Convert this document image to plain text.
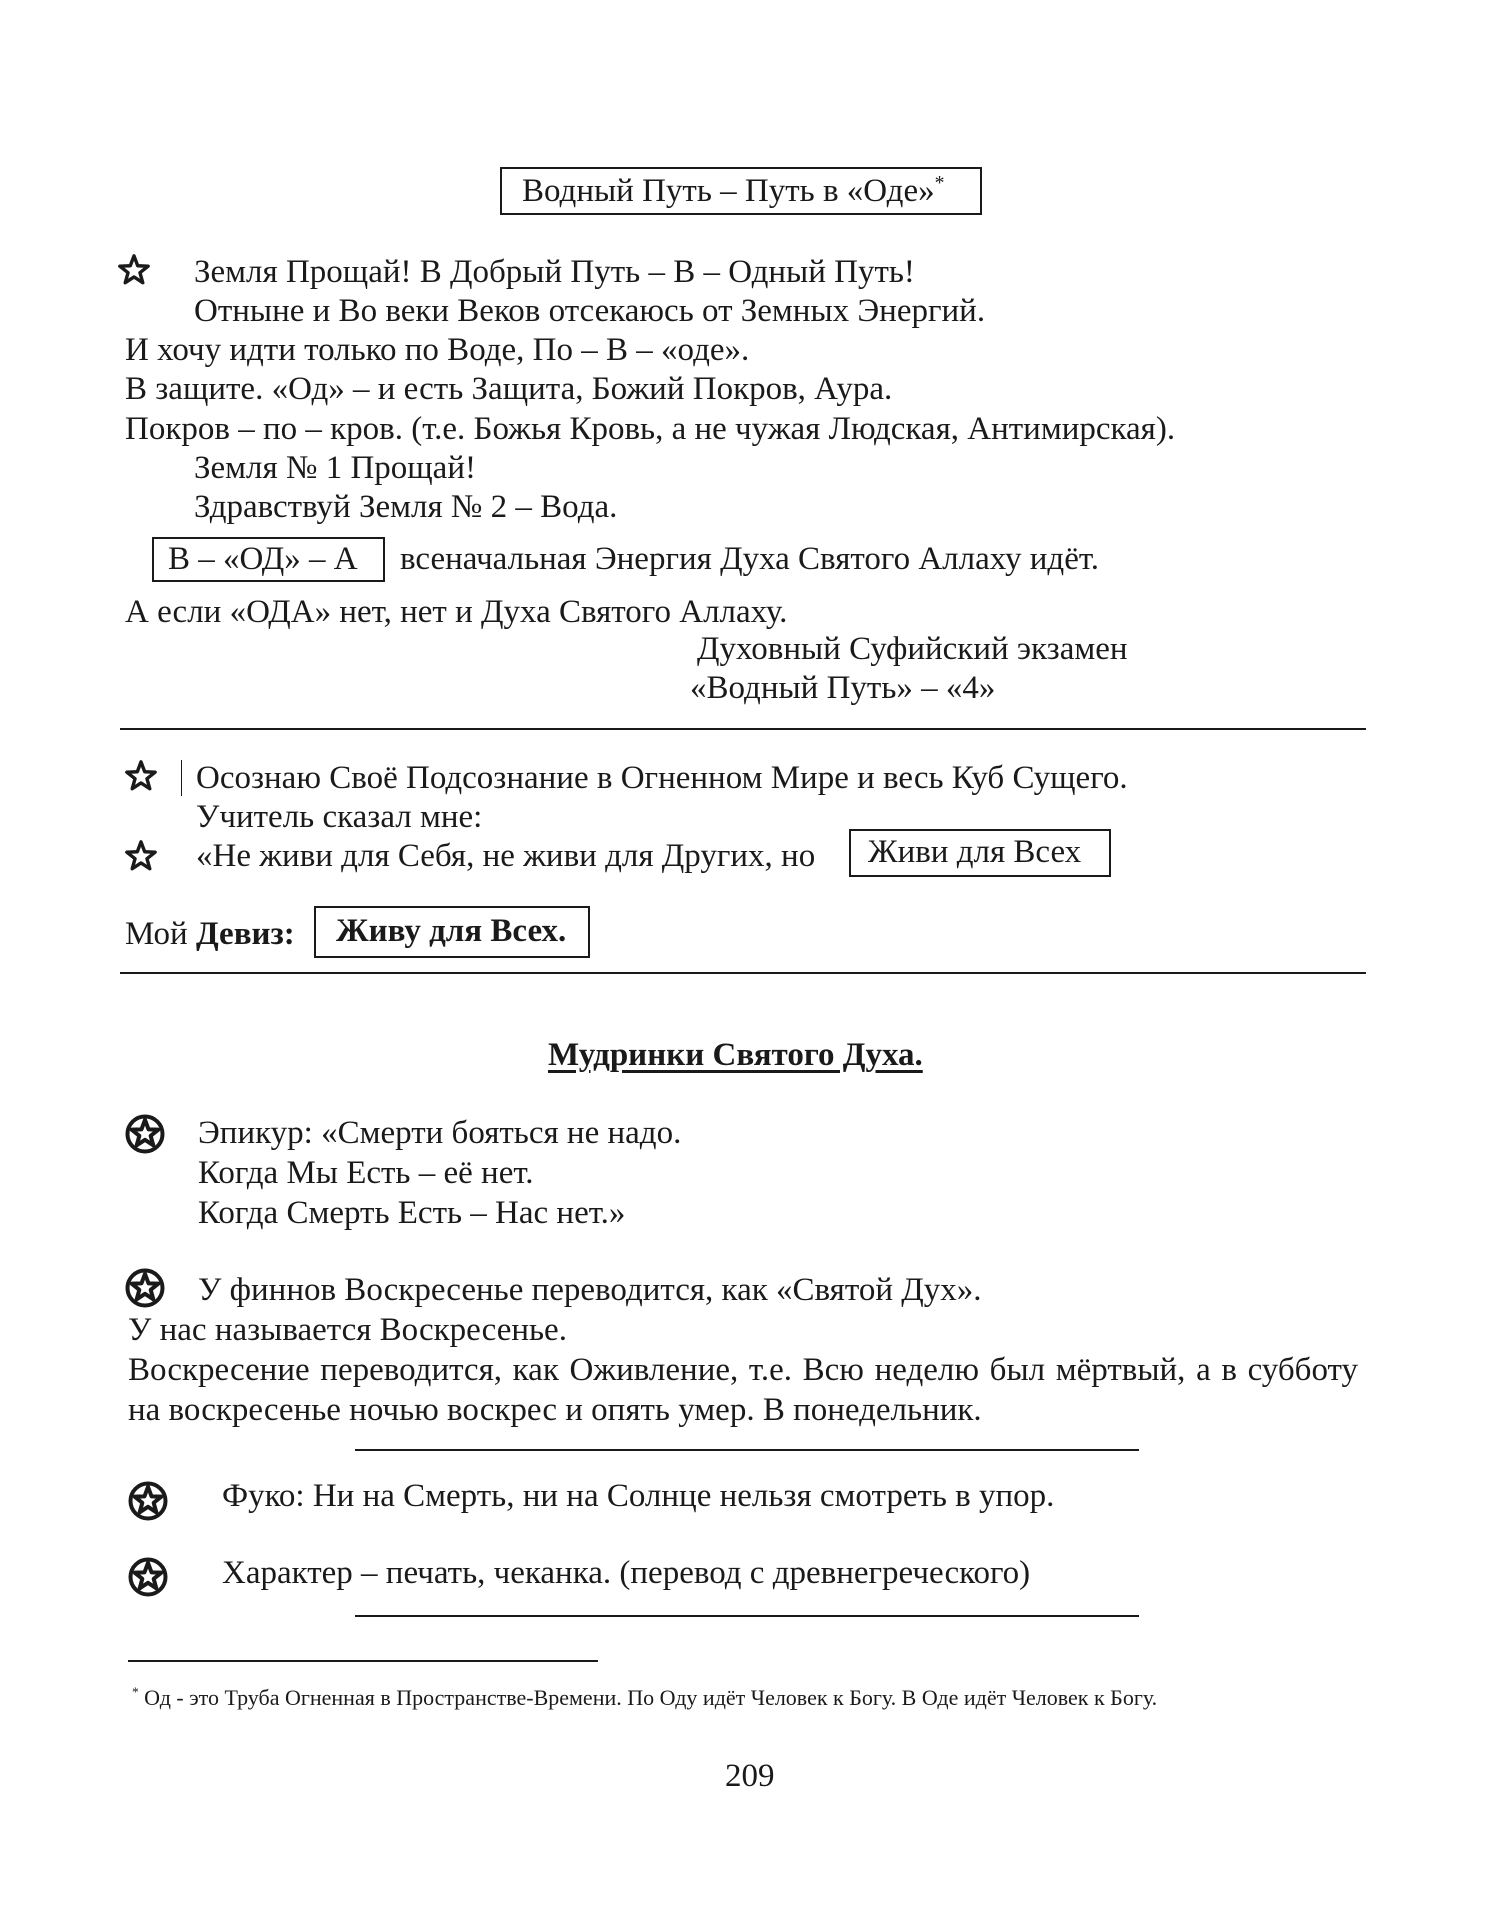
Водный Путь – Путь в «Оде»*
Земля Прощай! В Добрый Путь – В – Одный Путь!
Отныне и Во веки Веков отсекаюсь от Земных Энергий.
И хочу идти только по Воде, По – В – «оде».
В защите. «Од» – и есть Защита, Божий Покров, Аура.
Покров – по – кров. (т.е. Божья Кровь, а не чужая Людская, Антимирская).
Земля № 1 Прощай!
Здравствуй Земля № 2 – Вода.
В – «ОД» – А всеначальная Энергия Духа Святого Аллаху идёт.
А если «ОДА» нет, нет и Духа Святого Аллаху.
Духовный Суфийский экзамен
«Водный Путь» – «4»
Осознаю Своё Подсознание в Огненном Мире и весь Куб Сущего.
Учитель сказал мне:
«Не живи для Себя, не живи для Других, но Живи для Всех
Мой Девиз: Живу для Всех.
Мудринки Святого Духа.
Эпикур: «Смерти бояться не надо.
Когда Мы Есть – её нет.
Когда Смерть Есть – Нас нет.»
У финнов Воскресенье переводится, как «Святой Дух».
У нас называется Воскресенье.
Воскресение переводится, как Оживление, т.е. Всю неделю был мёртвый, а в субботу на воскресенье ночью воскрес и опять умер. В понедельник.
Фуко: Ни на Смерть, ни на Солнце нельзя смотреть в упор.
Характер – печать, чеканка. (перевод с древнегреческого)
* Од - это Труба Огненная в Пространстве-Времени. По Оду идёт Человек к Богу. В Оде идёт Человек к Богу.
209
